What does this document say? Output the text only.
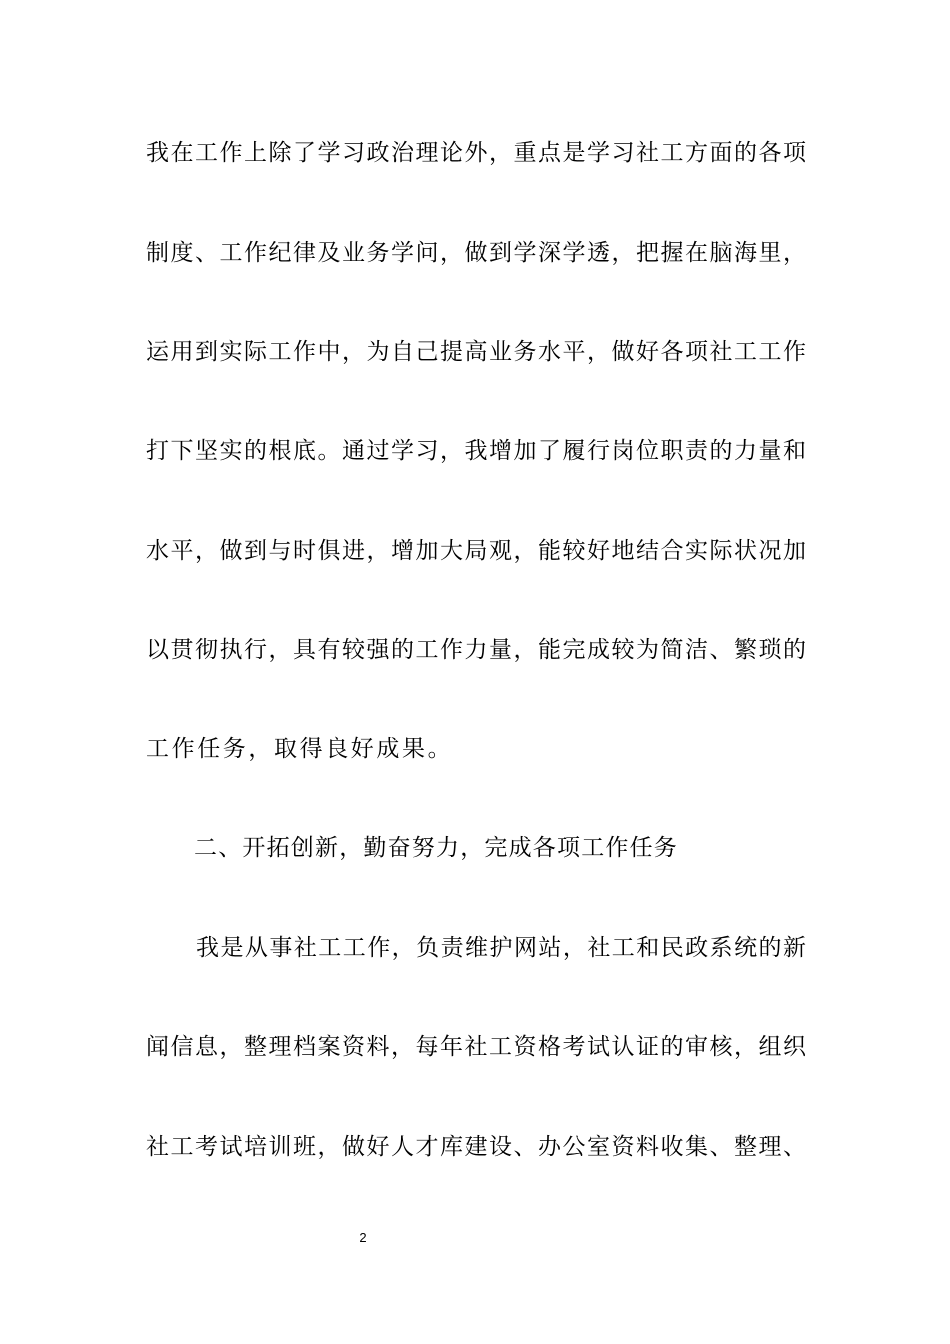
我在工作上除了学习政治理论外，重点是学习社工方面的各项
制度、工作纪律及业务学问，做到学深学透，把握在脑海里，
运用到实际工作中，为自己提高业务水平，做好各项社工工作
打下坚实的根底。通过学习，我增加了履行岗位职责的力量和
水平，做到与时俱进，增加大局观，能较好地结合实际状况加
以贯彻执行，具有较强的工作力量，能完成较为简洁、繁琐的
工作任务，取得良好成果。
二、开拓创新，勤奋努力，完成各项工作任务
我是从事社工工作，负责维护网站，社工和民政系统的新
闻信息，整理档案资料，每年社工资格考试认证的审核，组织
社工考试培训班，做好人才库建设、办公室资料收集、整理、
2
